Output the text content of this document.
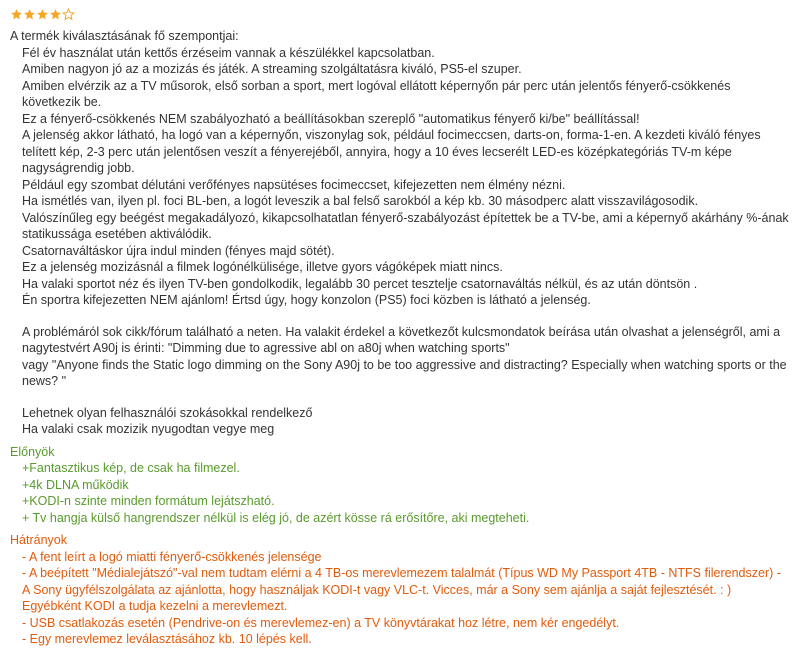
A termék kiválasztásának fő szempontjai:
Fél év használat után kettős érzéseim vannak a készülékkel kapcsolatban.
Amiben nagyon jó az a mozizás és játék. A streaming szolgáltatásra kiváló, PS5-el szuper.
Amiben elvérzik az a TV műsorok, első sorban a sport, mert logóval ellátott képernyőn pár perc után jelentős fényerő-csökkenés következik be.
Ez a fényerő-csökkenés NEM szabályozható a beállításokban szereplő "automatikus fényerő ki/be" beállítással!
A jelenség akkor látható, ha logó van a képernyőn, viszonylag sok, például focimeccsen, darts-on, forma-1-en. A kezdeti kiváló fényes telített kép, 2-3 perc után jelentősen veszít a fényerejéből, annyira, hogy a 10 éves lecserélt LED-es középkategóriás TV-m képe nagyságrendig jobb.
Például egy szombat délutáni verőfényes napsütéses focimeccset, kifejezetten nem élmény nézni.
Ha ismétlés van, ilyen pl. foci BL-ben, a logót leveszik a bal felső sarokból a kép kb. 30 másodperc alatt visszavilágosodik.
Valószínűleg egy beégést megakadályozó, kikapcsolhatatlan fényerő-szabályozást építettek be a TV-be, ami a képernyő akárhány %-ának statikussága esetében aktiválódik.
Csatornaváltáskor újra indul minden (fényes majd sötét).
Ez a jelenség mozizásnál a filmek logónélkülisége, illetve gyors vágóképek miatt nincs.
Ha valaki sportot néz és ilyen TV-ben gondolkodik, legalább 30 percet tesztelje csatornaváltás nélkül, és az után döntsön .
Én sportra kifejezetten NEM ajánlom! Értsd úgy, hogy konzolon (PS5) foci közben is látható a jelenség.
A problémáról sok cikk/fórum található a neten. Ha valakit érdekel a következőt kulcsmondatok beírása után olvashat a jelenségről, ami a nagytestvért A90j is érinti: "Dimming due to agressive abl on a80j when watching sports"
vagy "Anyone finds the Static logo dimming on the Sony A90j to be too aggressive and distracting? Especially when watching sports or the news? "
Lehetnek olyan felhasználói szokásokkal rendelkező
Ha valaki csak mozizik nyugodtan vegye meg
Előnyök
+Fantasztikus kép, de csak ha filmezel.
+4k DLNA működik
+KODI-n szinte minden formátum lejátszható.
+ Tv hangja külső hangrendszer nélkül is elég jó, de azért kösse rá erősítőre, aki megteheti.
Hátrányok
- A fent leírt a logó miatti fényerő-csökkenés jelensége
- A beépített "Médialejátszó"-val nem tudtam elérni a 4 TB-os merevlemezem talalmát (Típus WD My Passport 4TB - NTFS filerendszer) - A Sony ügyfélszolgálata az ajánlotta, hogy használjak KODI-t vagy VLC-t. Vicces, már a Sony sem ajánlja a saját fejlesztését. : ) Egyébként KODI a tudja kezelni a merevlemezt.
- USB csatlakozás esetén (Pendrive-on és merevlemez-en) a TV könyvtárakat hoz létre, nem kér engedélyt.
- Egy merevlemez leválasztásához kb. 10 lépés kell.
